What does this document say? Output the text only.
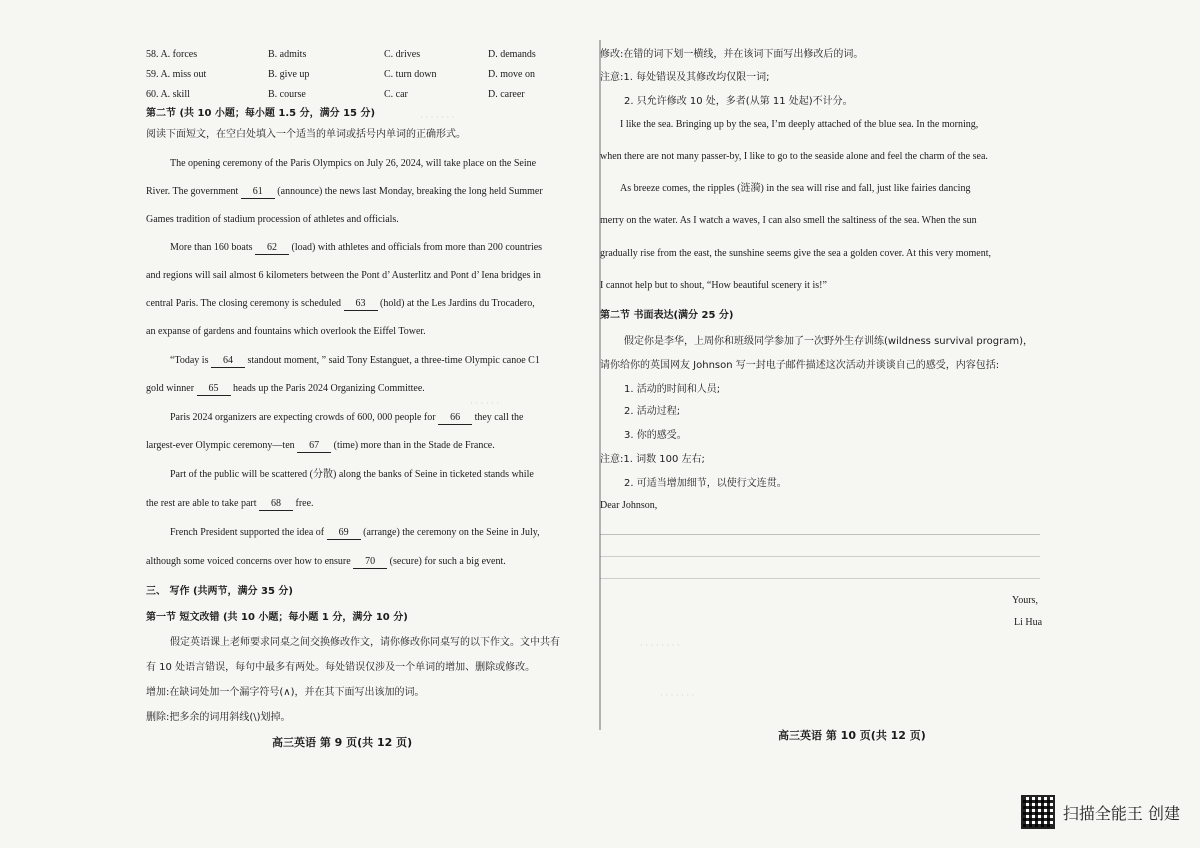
58. A. forces	B. admits	C. drives	D. demands
59. A. miss out	B. give up	C. turn down	D. move on
60. A. skill	B. course	C. car	D. career
第二节 (共 10 小题；每小题 1.5 分，满分 15 分)
阅读下面短文，在空白处填入一个适当的单词或括号内单词的正确形式。
The opening ceremony of the Paris Olympics on July 26, 2024, will take place on the Seine
River. The government 61 (announce) the news last Monday, breaking the long held Summer
Games tradition of stadium procession of athletes and officials.
More than 160 boats 62 (load) with athletes and officials from more than 200 countries
and regions will sail almost 6 kilometers between the Pont d’ Austerlitz and Pont d’ Iena bridges in
central Paris. The closing ceremony is scheduled 63 (hold) at the Les Jardins du Trocadero,
an expanse of gardens and fountains which overlook the Eiffel Tower.
“Today is 64 standout moment, ” said Tony Estanguet, a three-time Olympic canoe C1
gold winner 65 heads up the Paris 2024 Organizing Committee.
Paris 2024 organizers are expecting crowds of 600, 000 people for 66 they call the
largest-ever Olympic ceremony—ten 67 (time) more than in the Stade de France.
Part of the public will be scattered (分散) along the banks of Seine in ticketed stands while
the rest are able to take part 68 free.
French President supported the idea of 69 (arrange) the ceremony on the Seine in July,
although some voiced concerns over how to ensure 70 (secure) for such a big event.
三、 写作 (共两节，满分 35 分)
第一节 短文改错 (共 10 小题；每小题 1 分，满分 10 分)
假定英语课上老师要求同桌之间交换修改作文，请你修改你同桌写的以下作文。文中共有
有 10 处语言错误，每句中最多有两处。每处错误仅涉及一个单词的增加、删除或修改。
增加:在缺词处加一个漏字符号(∧)，并在其下面写出该加的词。
删除:把多余的词用斜线(\)划掉。
高三英语 第 9 页(共 12 页)
· · · · · · ·
· · · · · ·
修改:在错的词下划一横线，并在该词下面写出修改后的词。
注意:1. 每处错误及其修改均仅限一词;
2. 只允许修改 10 处，多者(从第 11 处起)不计分。
I like the sea. Bringing up by the sea, I’m deeply attached of the blue sea. In the morning,
when there are not many passer-by, I like to go to the seaside alone and feel the charm of the sea.
As breeze comes, the ripples (涟漪) in the sea will rise and fall, just like fairies dancing
merry on the water. As I watch a waves, I can also smell the saltiness of the sea. When the sun
gradually rise from the east, the sunshine seems give the sea a golden cover. At this very moment,
I cannot help but to shout, “How beautiful scenery it is!”
第二节 书面表达(满分 25 分)
假定你是李华，上周你和班级同学参加了一次野外生存训练(wildness survival program)，
请你给你的英国网友 Johnson 写一封电子邮件描述这次活动并谈谈自己的感受，内容包括:
1. 活动的时间和人员;
2. 活动过程;
3. 你的感受。
注意:1. 词数 100 左右;
2. 可适当增加细节，以使行文连贯。
Dear Johnson,
Yours,
Li Hua
高三英语 第 10 页(共 12 页)
· · · · · · · ·
· · · · · · ·
扫描全能王 创建
